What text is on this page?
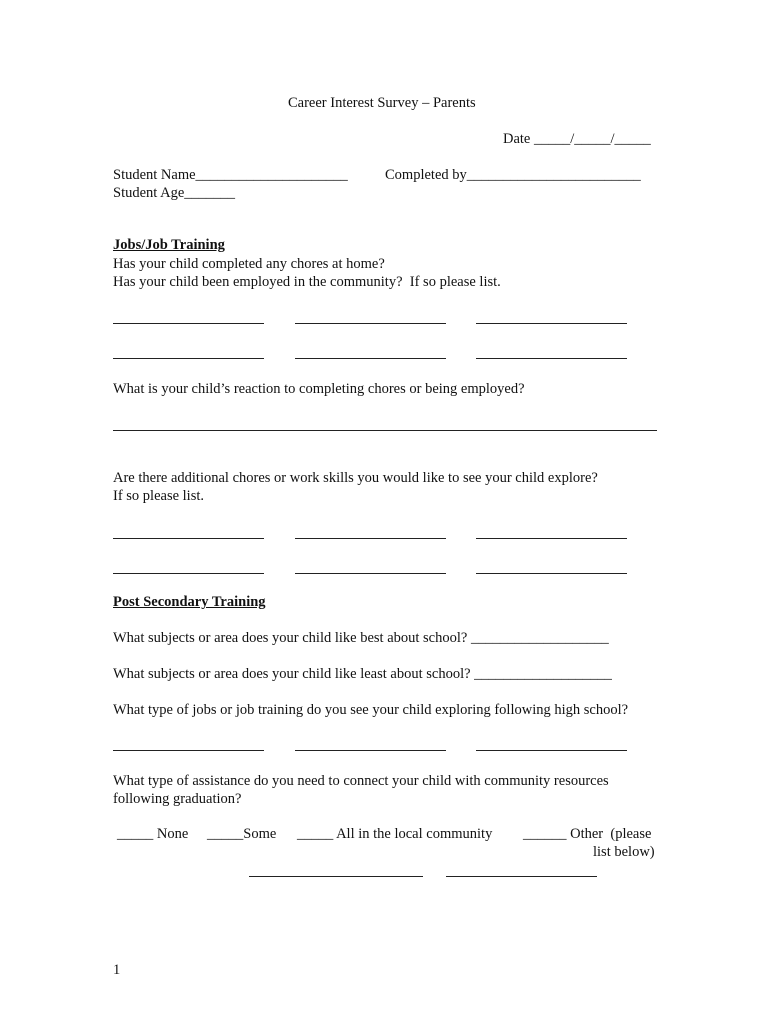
Career Interest Survey – Parents
Date _____/_____/_____
Student Name_____________________	Completed by________________________
Student Age_______
Jobs/Job Training
Has your child completed any chores at home?
Has your child been employed in the community?  If so please list.
What is your child’s reaction to completing chores or being employed?
Are there additional chores or work skills you would like to see your child explore?
If so please list.
Post Secondary Training
What subjects or area does your child like best about school? ___________________
What subjects or area does your child like least about school? ___________________
What type of jobs or job training do you see your child exploring following high school?
What type of assistance do you need to connect your child with community resources
following graduation?
_____ None _____Some _____ All in the local community ______ Other  (please
list below)
1
